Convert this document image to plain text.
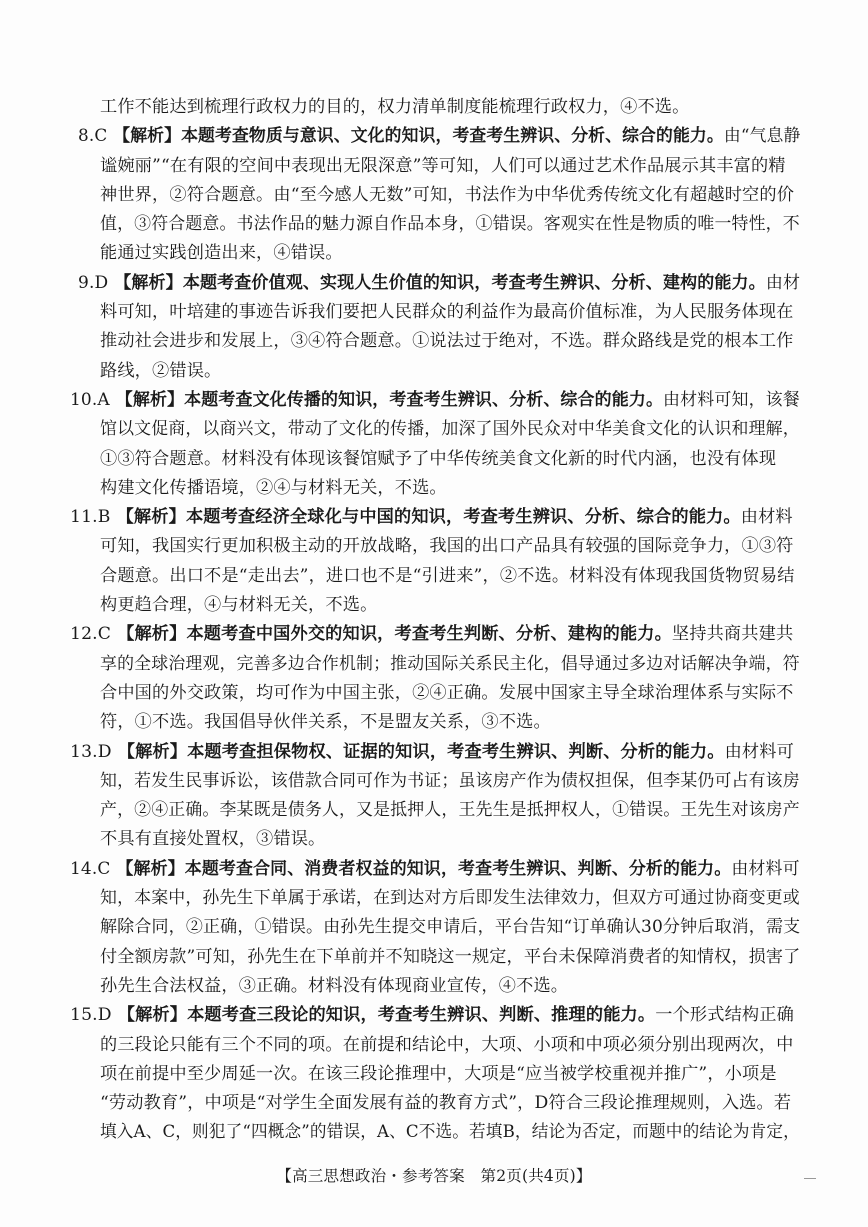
工作不能达到梳理行政权力的目的，权力清单制度能梳理行政权力，④不选。
8.C 【解析】本题考查物质与意识、文化的知识，考查考生辨识、分析、综合的能力。由“气息静
谧婉丽”“在有限的空间中表现出无限深意”等可知，人们可以通过艺术作品展示其丰富的精
神世界，②符合题意。由“至今感人无数”可知，书法作为中华优秀传统文化有超越时空的价
值，③符合题意。书法作品的魅力源自作品本身，①错误。客观实在性是物质的唯一特性，不
能通过实践创造出来，④错误。
9.D 【解析】本题考查价值观、实现人生价值的知识，考查考生辨识、分析、建构的能力。由材
料可知，叶培建的事迹告诉我们要把人民群众的利益作为最高价值标准，为人民服务体现在
推动社会进步和发展上，③④符合题意。①说法过于绝对，不选。群众路线是党的根本工作
路线，②错误。
10.A 【解析】本题考查文化传播的知识，考查考生辨识、分析、综合的能力。由材料可知，该餐
馆以文促商，以商兴文，带动了文化的传播，加深了国外民众对中华美食文化的认识和理解，
①③符合题意。材料没有体现该餐馆赋予了中华传统美食文化新的时代内涵，也没有体现
构建文化传播语境，②④与材料无关，不选。
11.B 【解析】本题考查经济全球化与中国的知识，考查考生辨识、分析、综合的能力。由材料
可知，我国实行更加积极主动的开放战略，我国的出口产品具有较强的国际竞争力，①③符
合题意。出口不是“走出去”，进口也不是“引进来”，②不选。材料没有体现我国货物贸易结
构更趋合理，④与材料无关，不选。
12.C 【解析】本题考查中国外交的知识，考查考生判断、分析、建构的能力。坚持共商共建共
享的全球治理观，完善多边合作机制；推动国际关系民主化，倡导通过多边对话解决争端，符
合中国的外交政策，均可作为中国主张，②④正确。发展中国家主导全球治理体系与实际不
符，①不选。我国倡导伙伴关系，不是盟友关系，③不选。
13.D 【解析】本题考查担保物权、证据的知识，考查考生辨识、判断、分析的能力。由材料可
知，若发生民事诉讼，该借款合同可作为书证；虽该房产作为债权担保，但李某仍可占有该房
产，②④正确。李某既是债务人，又是抵押人，王先生是抵押权人，①错误。王先生对该房产
不具有直接处置权，③错误。
14.C 【解析】本题考查合同、消费者权益的知识，考查考生辨识、判断、分析的能力。由材料可
知，本案中，孙先生下单属于承诺，在到达对方后即发生法律效力，但双方可通过协商变更或
解除合同，②正确，①错误。由孙先生提交申请后，平台告知“订单确认30分钟后取消，需支
付全额房款”可知，孙先生在下单前并不知晓这一规定，平台未保障消费者的知情权，损害了
孙先生合法权益，③正确。材料没有体现商业宣传，④不选。
15.D 【解析】本题考查三段论的知识，考查考生辨识、判断、推理的能力。一个形式结构正确
的三段论只能有三个不同的项。在前提和结论中，大项、小项和中项必须分别出现两次，中
项在前提中至少周延一次。在该三段论推理中，大项是“应当被学校重视并推广”，小项是
“劳动教育”，中项是“对学生全面发展有益的教育方式”，D符合三段论推理规则，入选。若
填入A、C，则犯了“四概念”的错误，A、C不选。若填B，结论为否定，而题中的结论为肯定，
【高三思想政治・参考答案　第2页(共4页)】
